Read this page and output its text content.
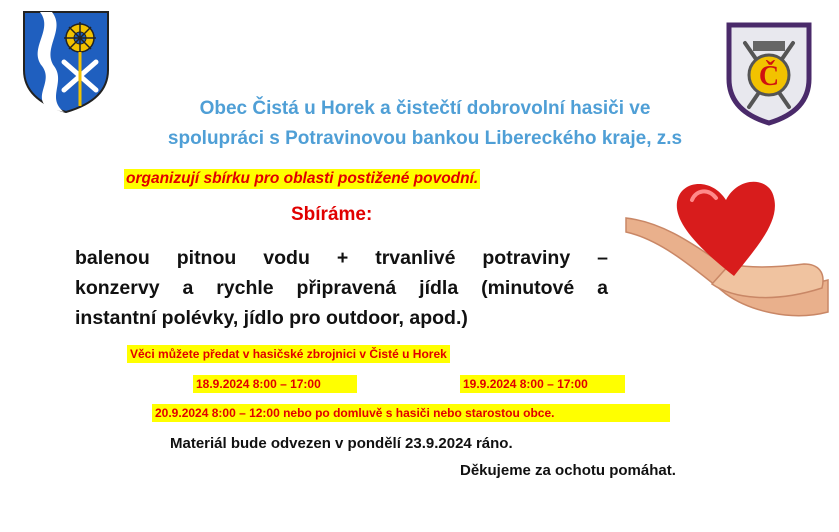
Č
Obec Čistá u Horek a čistečtí dobrovolní hasiči ve
spolupráci s Potravinovou bankou Libereckého kraje, z.s
organizují sbírku pro oblasti postižené povodní.
Sbíráme:
balenou pitnou vodu + trvanlivé potraviny –
konzervy a rychle připravená jídla (minutové a
instantní polévky, jídlo pro outdoor, apod.)
Věci můžete předat v hasičské zbrojnici v Čisté u Horek
18.9.2024 8:00 – 17:00	19.9.2024 8:00 – 17:00
20.9.2024 8:00 – 12:00 nebo po domluvě s hasiči nebo starostou obce.
Materiál bude odvezen v pondělí 23.9.2024 ráno.
Děkujeme za ochotu pomáhat.
